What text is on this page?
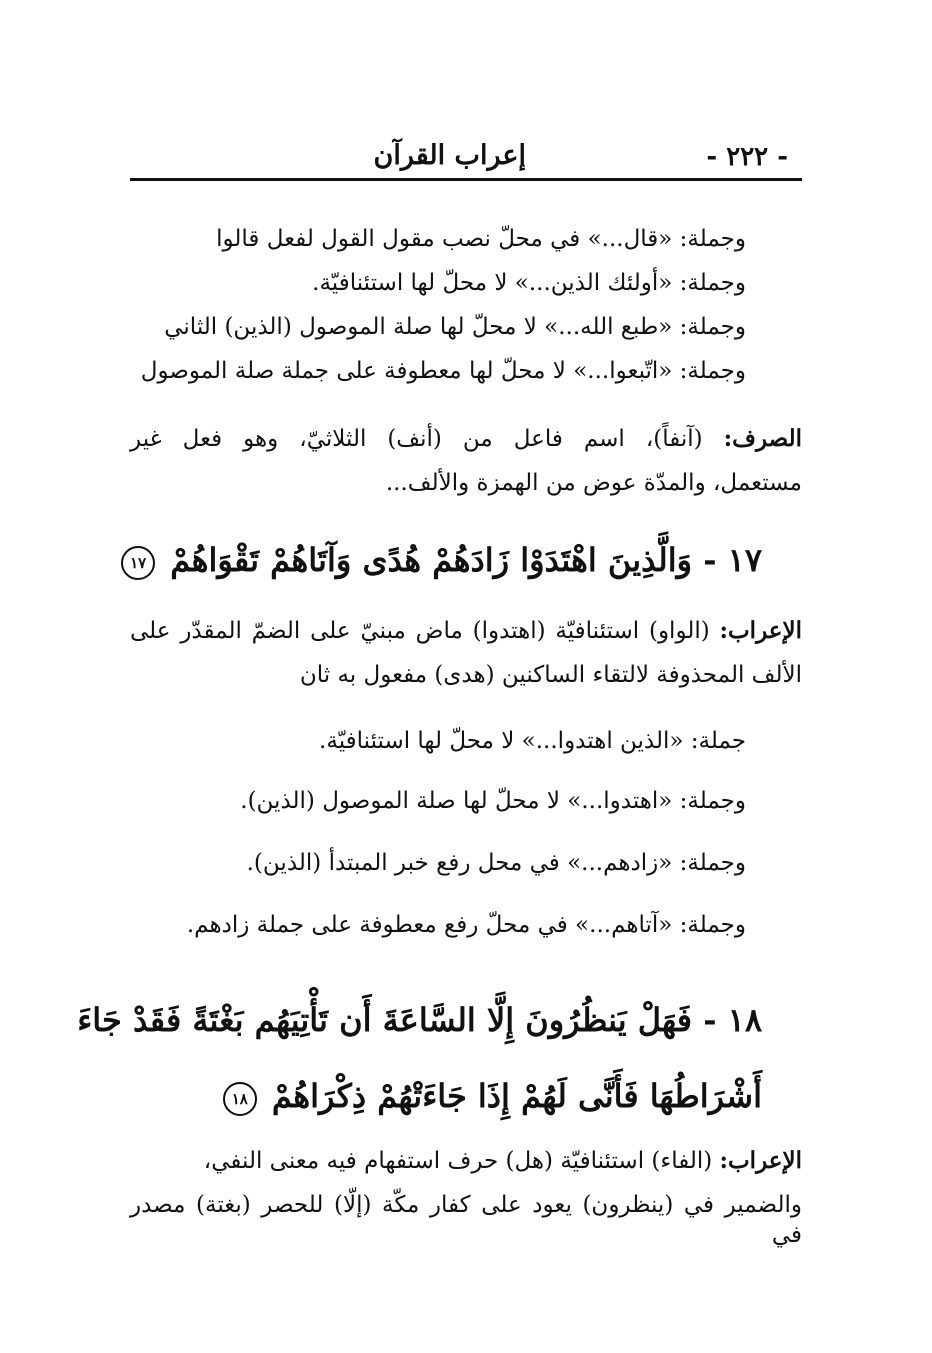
- ٢٢٢ -
إعراب القرآن
وجملة: «قال...» في محلّ نصب مقول القول لفعل قالوا
وجملة: «أولئك الذين...» لا محلّ لها استئنافيّة.
وجملة: «طبع الله...» لا محلّ لها صلة الموصول (الذين) الثاني
وجملة: «اتّبعوا...» لا محلّ لها معطوفة على جملة صلة الموصول
الصرف: (آنفاً)، اسم فاعل من (أنف) الثلاثيّ، وهو فعل غير
مستعمل، والمدّة عوض من الهمزة والألف...
١٧ - وَالَّذِينَ اهْتَدَوْا زَادَهُمْ هُدًى وَآتَاهُمْ تَقْوَاهُمْ ١٧
الإعراب: (الواو) استئنافيّة (اهتدوا) ماض مبنيّ على الضمّ المقدّر على
الألف المحذوفة لالتقاء الساكنين (هدى) مفعول به ثان
جملة: «الذين اهتدوا...» لا محلّ لها استئنافيّة.
وجملة: «اهتدوا...» لا محلّ لها صلة الموصول (الذين).
وجملة: «زادهم...» في محل رفع خبر المبتدأ (الذين).
وجملة: «آتاهم...» في محلّ رفع معطوفة على جملة زادهم.
١٨ - فَهَلْ يَنظُرُونَ إِلَّا السَّاعَةَ أَن تَأْتِيَهُم بَغْتَةً فَقَدْ جَاءَ
أَشْرَاطُهَا فَأَنَّى لَهُمْ إِذَا جَاءَتْهُمْ ذِكْرَاهُمْ ١٨
الإعراب: (الفاء) استئنافيّة (هل) حرف استفهام فيه معنى النفي،
والضمير في (ينظرون) يعود على كفار مكّة (إلّا) للحصر (بغتة) مصدر في
